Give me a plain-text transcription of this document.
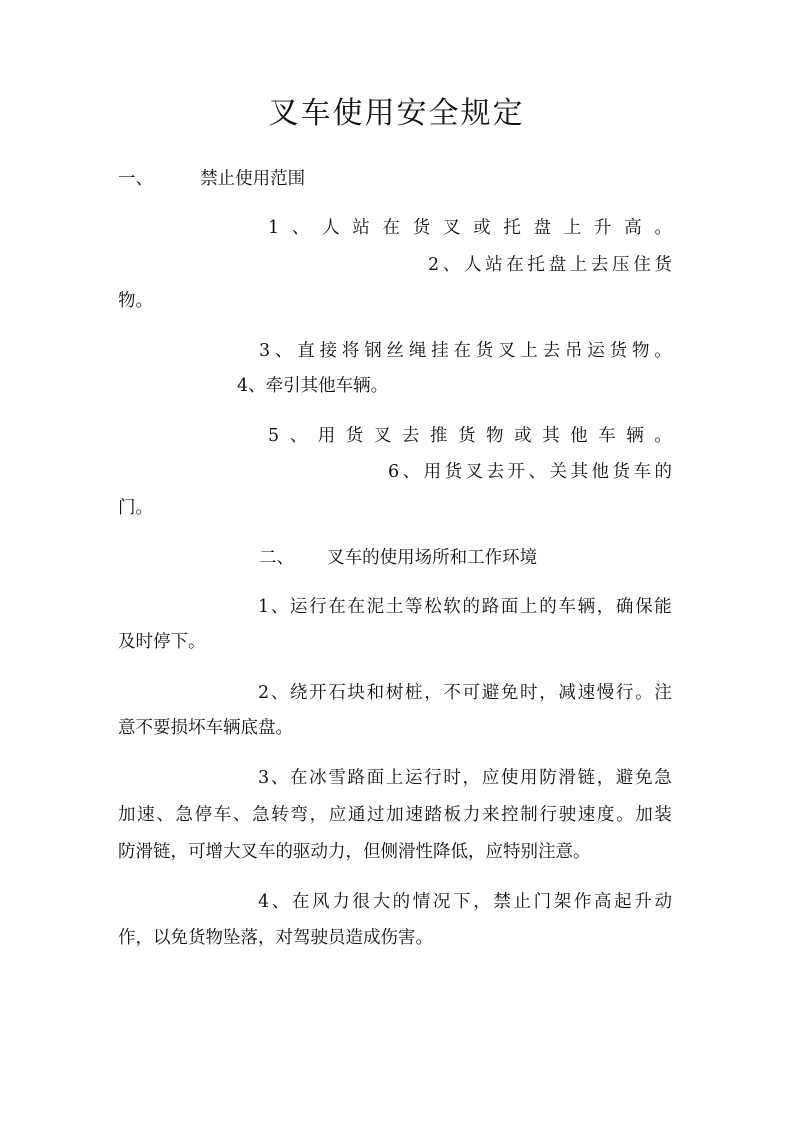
叉车使用安全规定
一、	禁止使用范围
1 、 人 站 在 货 叉 或 托 盘 上 升 高 。
2 、 人 站 在 托 盘 上 去 压 住 货
物。
3 、 直 接 将 钢 丝 绳 挂 在 货 叉 上 去 吊 运 货 物 。
4、牵引其他车辆。
5 、 用 货 叉 去 推 货 物 或 其 他 车 辆 。
6 、 用 货 叉 去 开 、 关 其 他 货 车 的
门。
二、 叉车的使用场所和工作环境
1 、 运 行 在 在 泥 土 等 松 软 的 路 面 上 的 车 辆 ， 确 保 能
及时停下。
2 、 绕 开 石 块 和 树 桩 ， 不 可 避 免 时 ， 减 速 慢 行 。 注
意不要损坏车辆底盘。
3 、 在 冰 雪 路 面 上 运 行 时 ， 应 使 用 防 滑 链 ， 避 免 急
加 速 、 急 停 车 、 急 转 弯 ， 应 通 过 加 速 踏 板 力 来 控 制 行 驶 速 度 。 加 装
防滑链，可增大叉车的驱动力，但侧滑性降低，应特别注意。
4 、 在 风 力 很 大 的 情 况 下 ， 禁 止 门 架 作 高 起 升 动
作，以免货物坠落，对驾驶员造成伤害。
